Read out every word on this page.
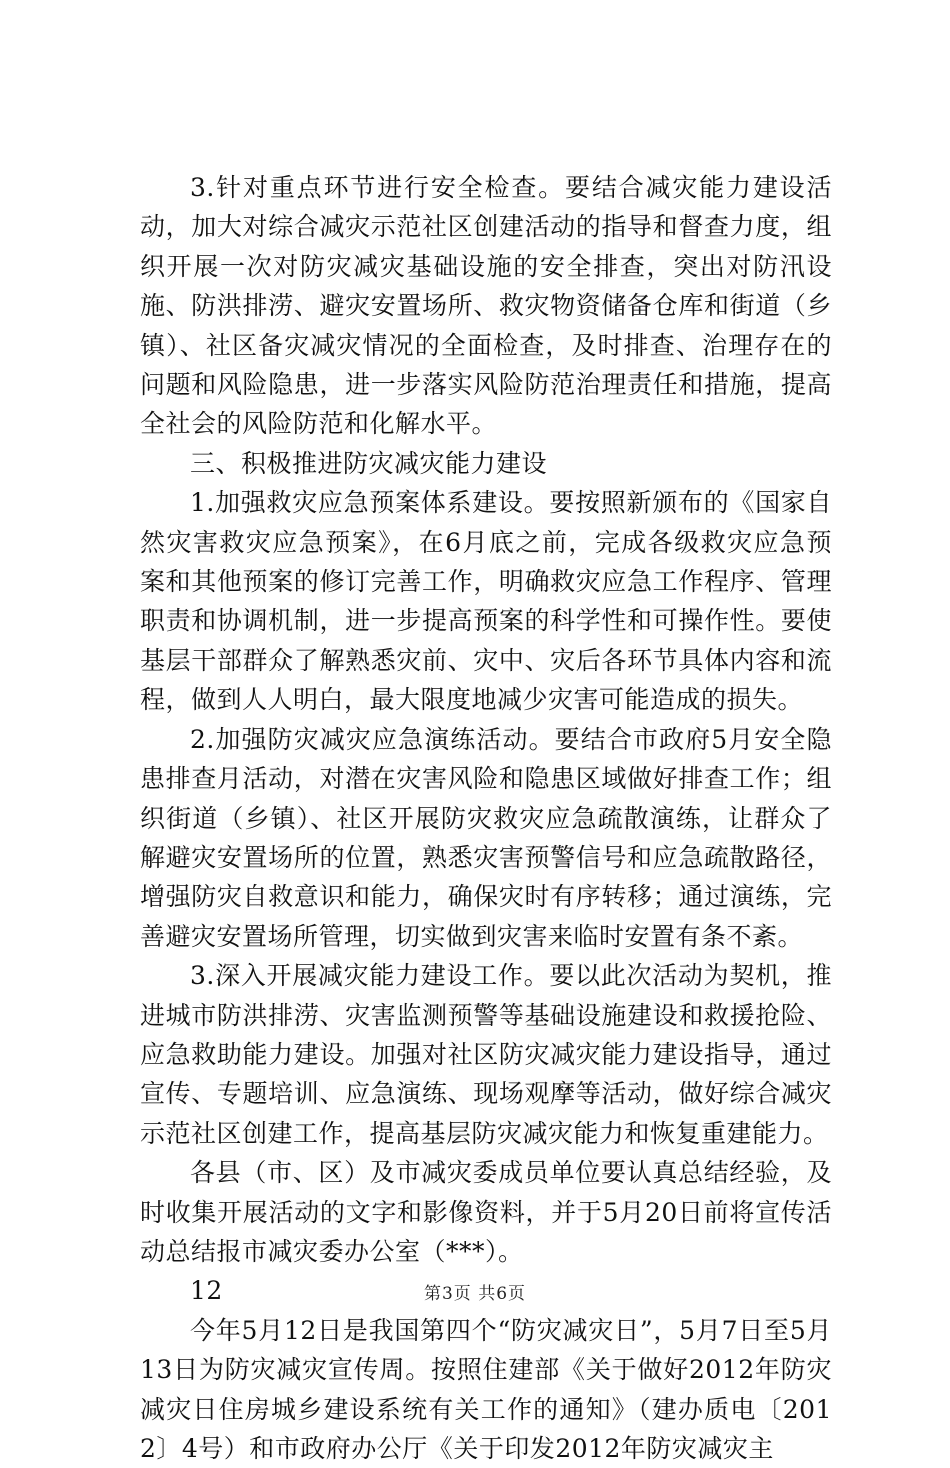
3.针对重点环节进行安全检查。要结合减灾能力建设活动，加大对综合减灾示范社区创建活动的指导和督查力度，组织开展一次对防灾减灾基础设施的安全排查，突出对防汛设施、防洪排涝、避灾安置场所、救灾物资储备仓库和街道（乡镇）、社区备灾减灾情况的全面检查，及时排查、治理存在的问题和风险隐患，进一步落实风险防范治理责任和措施，提高全社会的风险防范和化解水平。

三、积极推进防灾减灾能力建设

1.加强救灾应急预案体系建设。要按照新颁布的《国家自然灾害救灾应急预案》，在6月底之前，完成各级救灾应急预案和其他预案的修订完善工作，明确救灾应急工作程序、管理职责和协调机制，进一步提高预案的科学性和可操作性。要使基层干部群众了解熟悉灾前、灾中、灾后各环节具体内容和流程，做到人人明白，最大限度地减少灾害可能造成的损失。

2.加强防灾减灾应急演练活动。要结合市政府5月安全隐患排查月活动，对潜在灾害风险和隐患区域做好排查工作；组织街道（乡镇）、社区开展防灾救灾应急疏散演练，让群众了解避灾安置场所的位置，熟悉灾害预警信号和应急疏散路径，增强防灾自救意识和能力，确保灾时有序转移；通过演练，完善避灾安置场所管理，切实做到灾害来临时安置有条不紊。

3.深入开展减灾能力建设工作。要以此次活动为契机，推进城市防洪排涝、灾害监测预警等基础设施建设和救援抢险、应急救助能力建设。加强对社区防灾减灾能力建设指导，通过宣传、专题培训、应急演练、现场观摩等活动，做好综合减灾示范社区创建工作，提高基层防灾减灾能力和恢复重建能力。

各县（市、区）及市减灾委成员单位要认真总结经验，及时收集开展活动的文字和影像资料，并于5月20日前将宣传活动总结报市减灾委办公室（***）。

12

今年5月12日是我国第四个“防灾减灾日”，5月7日至5月13日为防灾减灾宣传周。按照住建部《关于做好2012年防灾减灾日住房城乡建设系统有关工作的通知》（建办质电〔2012〕4号）和市政府办公厅《关于印发2012年防灾减灾主

第3页 共6页
